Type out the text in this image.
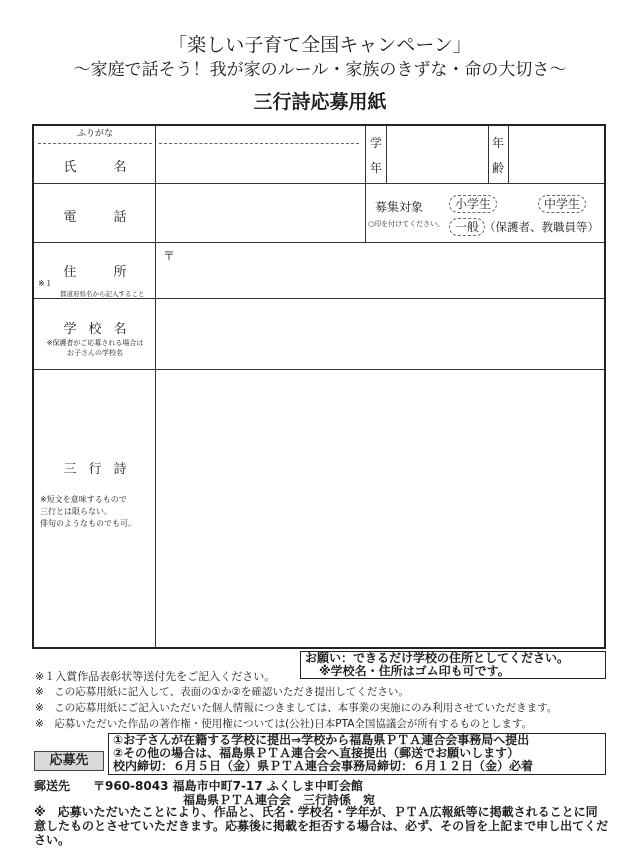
「楽しい子育て全国キャンペーン」
～家庭で話そう！我が家のルール・家族のきずな・命の大切さ～
三行詩応募用紙
ふりがな
氏　名
学
年
年
齢
電　話
募集対象
○印を付けてください。
小学生	中学生
一般 （保護者、教職員等）
〒
住　所
※１
都道府県名から記入すること
学校名
※保護者がご応募される場合は
お子さんの学校名
三行詩
※短文を意味するもので
三行とは限らない。
俳句のようなものでも可。
※１入賞作品表彰状等送付先をご記入ください。
お願い：できるだけ学校の住所としてください。
※学校名・住所はゴム印も可です。
※　この応募用紙に記入して、表面の①か②を確認いただき提出してください。
※　この応募用紙にご記入いただいた個人情報につきましては、本事業の実施にのみ利用させていただきます。
※　応募いただいた作品の著作権・使用権については(公社)日本PTA全国協議会が所有するものとします。
応募先
①お子さんが在籍する学校に提出⇒学校から福島県ＰＴＡ連合会事務局へ提出
②その他の場合は、福島県ＰＴＡ連合会へ直接提出（郵送でお願いします）
校内締切：６月５日（金）県ＰＴＡ連合会事務局締切：６月１２日（金）必着
郵送先 〒960-8043 福島市中町7-17 ふくしま中町会館
福島県ＰＴＡ連合会　三行詩係　宛
※　応募いただいたことにより、作品と、氏名・学校名・学年が、ＰＴＡ広報紙等に掲載されることに同意したものとさせていただきます。応募後に掲載を拒否する場合は、必ず、その旨を上記まで申し出てください。
